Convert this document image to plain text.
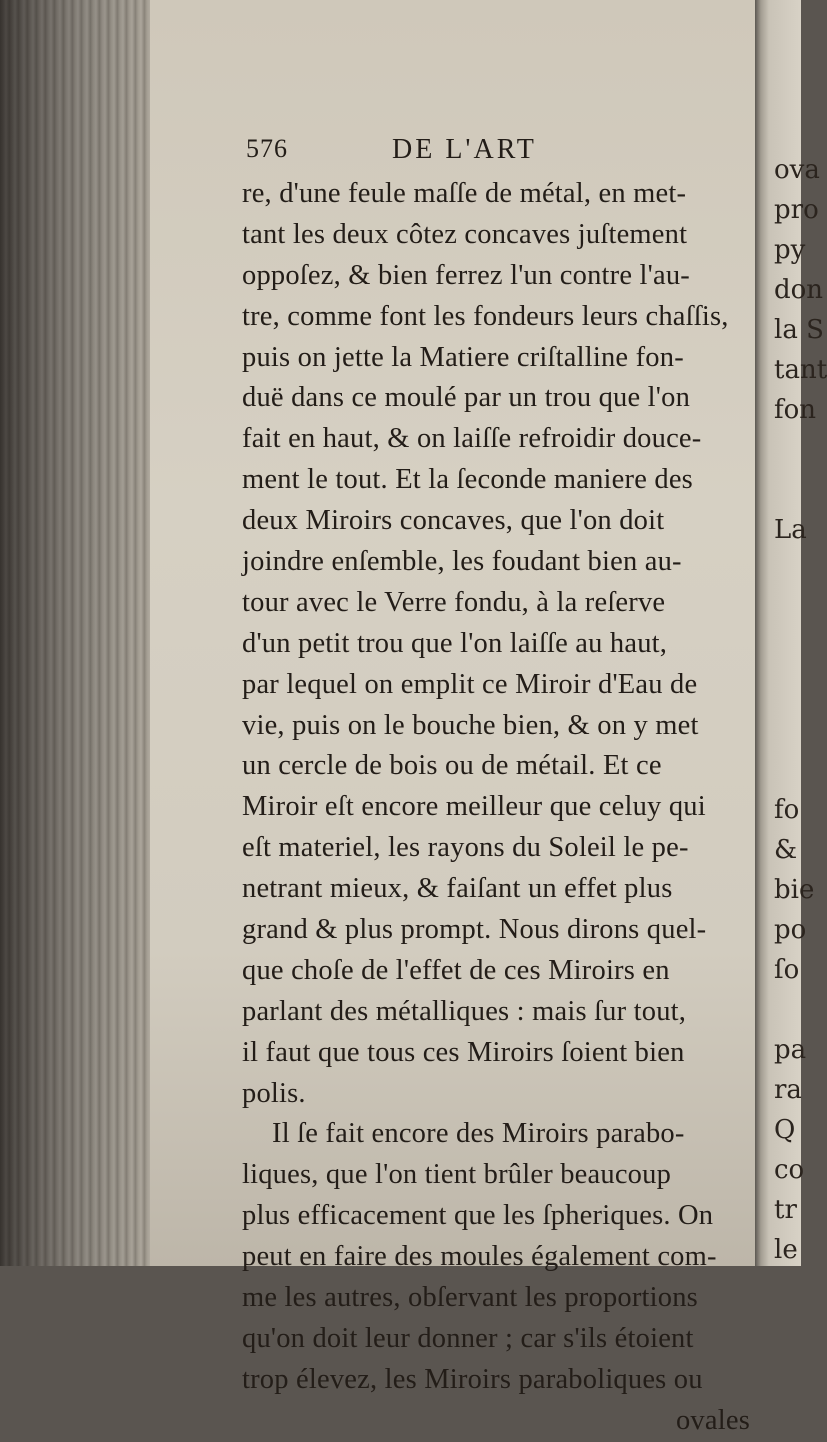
ova
pro
py
don
la S
tant
fon
La
fo
&
bie
po
ſo
pa
ra
Q
co
tr
le
576	DE L'ART
re, d'une feule maſſe de métal, en met-
tant les deux côtez concaves juſtement
oppoſez, & bien ferrez l'un contre l'au-
tre, comme font les fondeurs leurs chaſſis,
puis on jette la Matiere criſtalline fon-
duë dans ce moulé par un trou que l'on
fait en haut, & on laiſſe refroidir douce-
ment le tout. Et la ſeconde maniere des
deux Miroirs concaves, que l'on doit
joindre enſemble, les foudant bien au-
tour avec le Verre fondu, à la reſerve
d'un petit trou que l'on laiſſe au haut,
par lequel on emplit ce Miroir d'Eau de
vie, puis on le bouche bien, & on y met
un cercle de bois ou de métail. Et ce
Miroir eſt encore meilleur que celuy qui
eſt materiel, les rayons du Soleil le pe-
netrant mieux, & faiſant un effet plus
grand & plus prompt. Nous dirons quel-
que choſe de l'effet de ces Miroirs en
parlant des métalliques : mais ſur tout,
il faut que tous ces Miroirs ſoient bien
polis.
Il ſe fait encore des Miroirs parabo-
liques, que l'on tient brûler beaucoup
plus efficacement que les ſpheriques. On
peut en faire des moules également com-
me les autres, obſervant les proportions
qu'on doit leur donner ; car s'ils étoient
trop élevez, les Miroirs paraboliques ou
ovales
